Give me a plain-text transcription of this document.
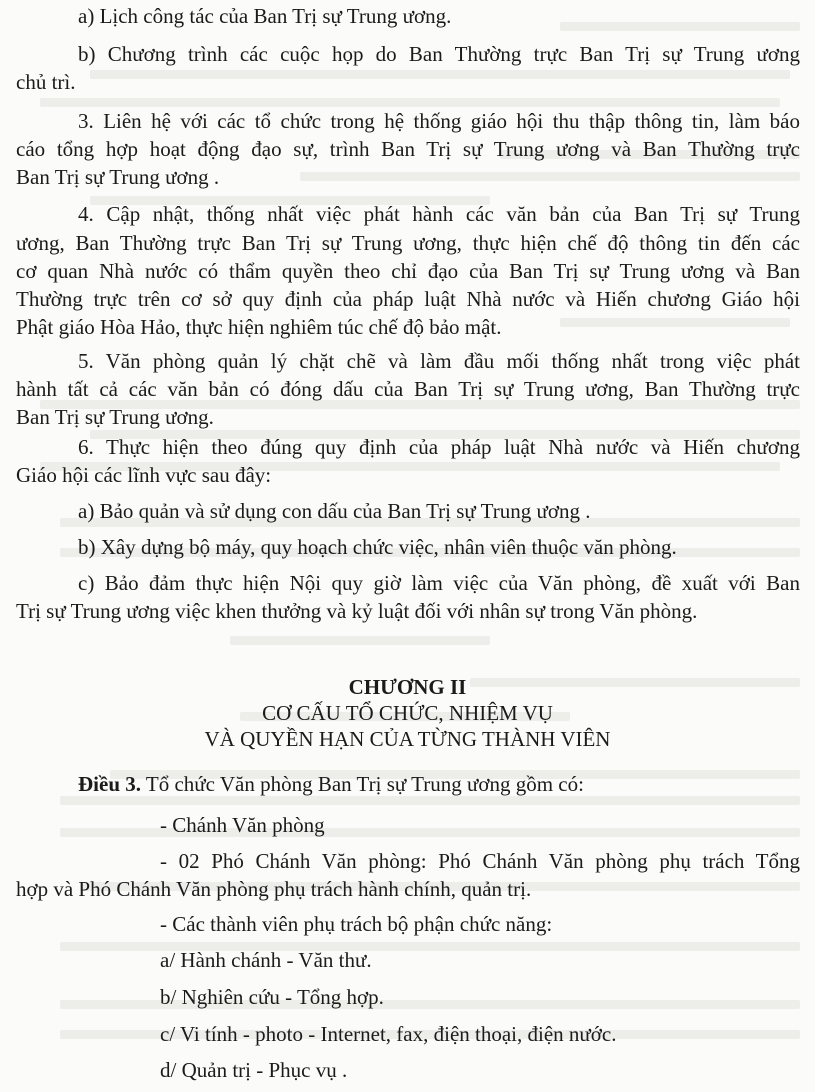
a) Lịch công tác của Ban Trị sự Trung ương.
b) Chương trình các cuộc họp do Ban Thường trực Ban Trị sự Trung ương
chủ trì.
3. Liên hệ với các tổ chức trong hệ thống giáo hội thu thập thông tin, làm báo
cáo tổng hợp hoạt động đạo sự, trình Ban Trị sự Trung ương và Ban Thường trực
Ban Trị sự Trung ương .
4. Cập nhật, thống nhất việc phát hành các văn bản của Ban Trị sự Trung
ương, Ban Thường trực Ban Trị sự Trung ương, thực hiện chế độ thông tin đến các
cơ quan Nhà nước có thẩm quyền theo chỉ đạo của Ban Trị sự Trung ương và Ban
Thường trực trên cơ sở quy định của pháp luật Nhà nước và Hiến chương Giáo hội
Phật giáo Hòa Hảo, thực hiện nghiêm túc chế độ bảo mật.
5. Văn phòng quản lý chặt chẽ và làm đầu mối thống nhất trong việc phát
hành tất cả các văn bản có đóng dấu của Ban Trị sự Trung ương, Ban Thường trực
Ban Trị sự Trung ương.
6. Thực hiện theo đúng quy định của pháp luật Nhà nước và Hiến chương
Giáo hội các lĩnh vực sau đây:
a) Bảo quản và sử dụng con dấu của Ban Trị sự Trung ương .
b) Xây dựng bộ máy, quy hoạch chức việc, nhân viên thuộc văn phòng.
c) Bảo đảm thực hiện Nội quy giờ làm việc của Văn phòng, đề xuất với Ban
Trị sự Trung ương việc khen thưởng và kỷ luật đối với nhân sự trong Văn phòng.
CHƯƠNG II
CƠ CẤU TỔ CHỨC, NHIỆM VỤ
VÀ QUYỀN HẠN CỦA TỪNG THÀNH VIÊN
Điều 3. Tổ chức Văn phòng Ban Trị sự Trung ương gồm có:
- Chánh Văn phòng
- 02 Phó Chánh Văn phòng: Phó Chánh Văn phòng phụ trách Tổng
hợp và Phó Chánh Văn phòng phụ trách hành chính, quản trị.
- Các thành viên phụ trách bộ phận chức năng:
a/ Hành chánh - Văn thư.
b/ Nghiên cứu - Tổng hợp.
c/ Vi tính - photo - Internet, fax, điện thoại, điện nước.
d/ Quản trị - Phục vụ .
